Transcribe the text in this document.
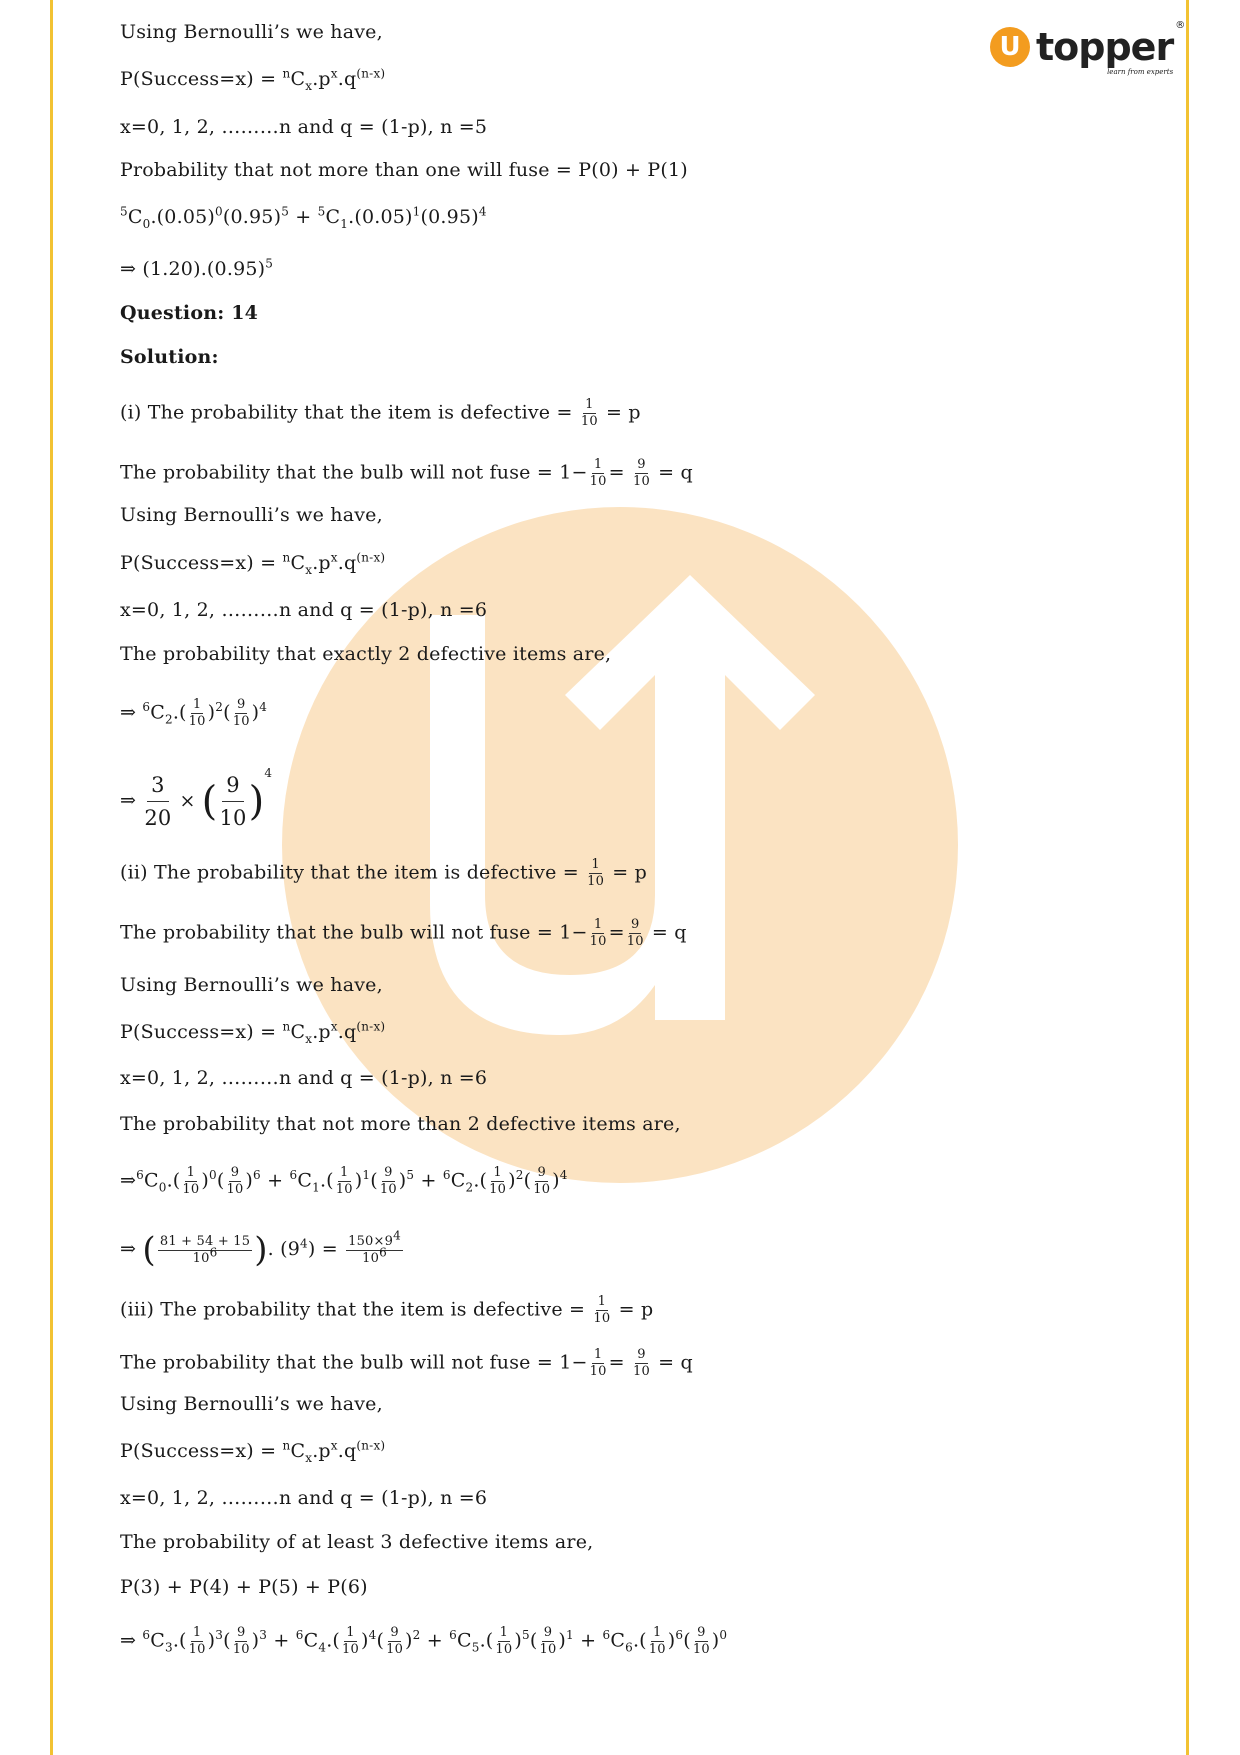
U topper ®
learn from experts
Using Bernoulli’s we have,
P(Success=x) = $^nC_x.p^x.q^{(n-x)}$
x=0, 1, 2, ………n and q = (1-p), n =5
Probability that not more than one will fuse = P(0) + P(1)
$^5C_0.(0.05)^0(0.95)^5 + ^5C_1.(0.05)^1(0.95)^4$
⇒ $(1.20).(0.95)^5$
Question: 14
Solution:
(i) The probability that the item is defective = $\frac{1}{10} = p$
The probability that the bulb will not fuse = $1- \frac{1}{10} = \frac{9}{10} = q$
Using Bernoulli’s we have,
P(Success=x) = $^nC_x.p^x.q^{(n-x)}$
x=0, 1, 2, ………n and q = (1-p), n =6
The probability that exactly 2 defective items are,
⇒ $^6C_2.( \frac{1}{10} )^2( \frac{9}{10} )^4$
⇒ $\frac{3}{20}$ × ( $\frac{9}{10} )^4$
(ii) The probability that the item is defective = $\frac{1}{10} = p$
The probability that the bulb will not fuse = $1- \frac{1}{10} = \frac{9}{10} = q$
Using Bernoulli’s we have,
P(Success=x) = $^nC_x.p^x.q^{(n-x)}$
x=0, 1, 2, ………n and q = (1-p), n =6
The probability that not more than 2 defective items are,
$\Rightarrow^6C_0.( \frac{1}{10} )^0( \frac{9}{10} )^6 + ^6C_1.( \frac{1}{10} )^1( \frac{9}{10} )^5 + ^6C_2.( \frac{1}{10} )^2( \frac{9}{10} )^4$
⇒ ( $\frac{81 + 54 + 15}{10^6}$ ). $(9^4) = \frac{150\times 9^4}{10^6}$
(iii) The probability that the item is defective = $\frac{1}{10} = p$
The probability that the bulb will not fuse = $1- \frac{1}{10} = \frac{9}{10} = q$
Using Bernoulli’s we have,
P(Success=x) = $^nC_x.p^x.q^{(n-x)}$
x=0, 1, 2, ………n and q = (1-p), n =6
The probability of at least 3 defective items are,
P(3) + P(4) + P(5) + P(6)
⇒ $^6C_3.( \frac{1}{10} )^3( \frac{9}{10} )^3 + ^6C_4.( \frac{1}{10} )^4( \frac{9}{10} )^2 + ^6C_5.( \frac{1}{10} )^5( \frac{9}{10} )^1 + ^6C_6.( \frac{1}{10} )^6( \frac{9}{10} )^0$
